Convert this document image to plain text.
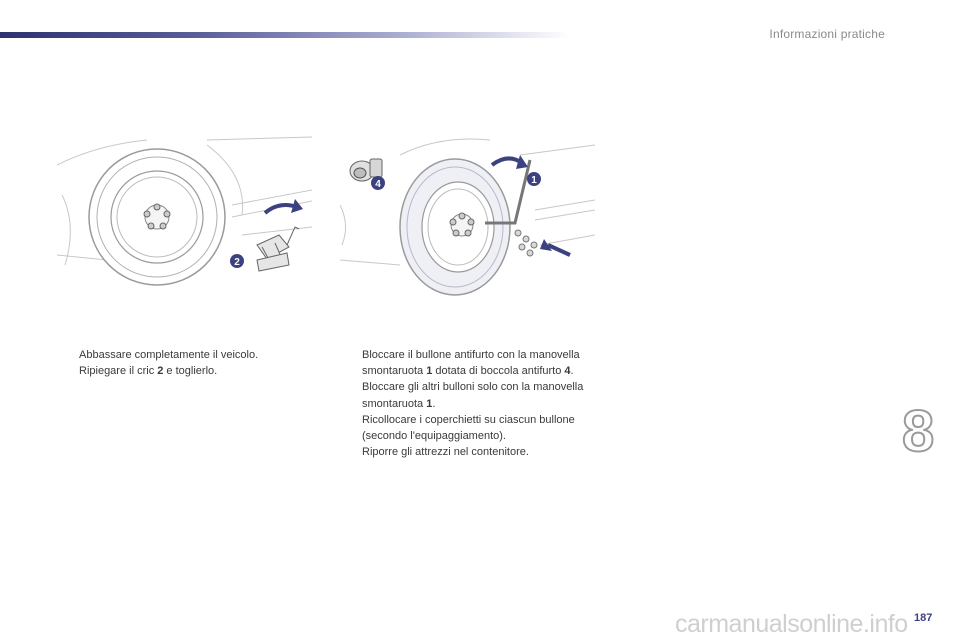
Informazioni pratiche
2
4	1
Abbassare completamente il veicolo.
Ripiegare il cric 2 e toglierlo.
Bloccare il bullone antifurto con la manovella smontaruota 1 dotata di boccola antifurto 4.
Bloccare gli altri bulloni solo con la manovella smontaruota 1.
Ricollocare i coperchietti su ciascun bullone (secondo l'equipaggiamento).
Riporre gli attrezzi nel contenitore.	8
carmanualsonline.info 187
